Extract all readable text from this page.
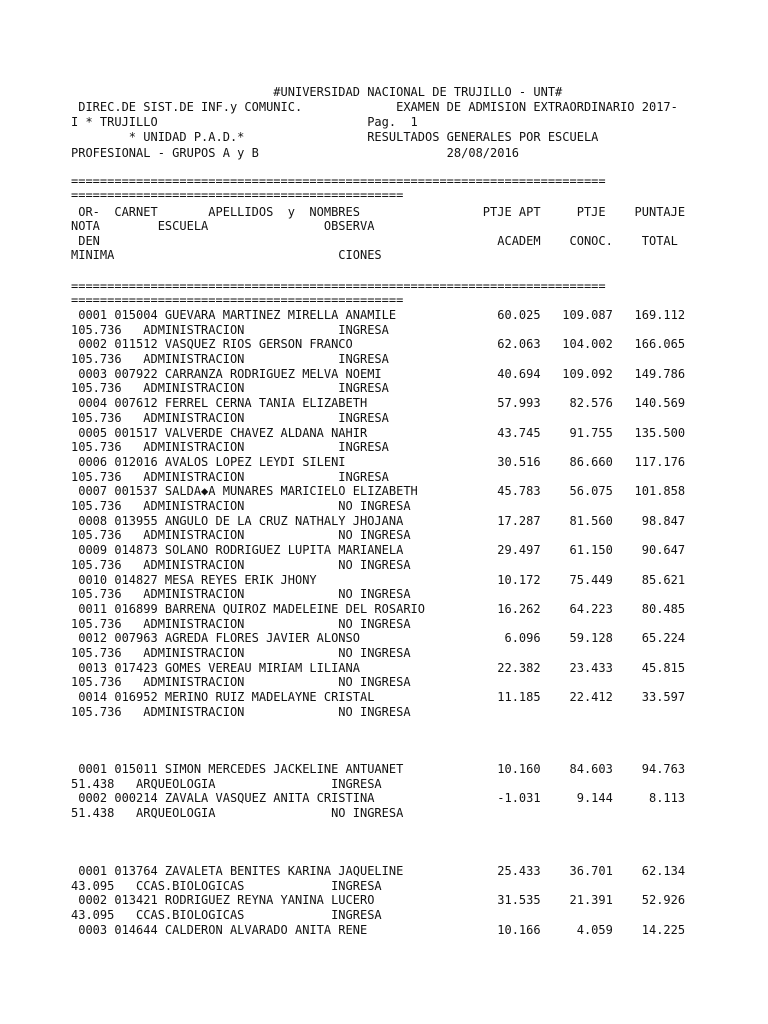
#UNIVERSIDAD NACIONAL DE TRUJILLO - UNT#
DIREC.DE SIST.DE INF.y COMUNIC.             EXAMEN DE ADMISION EXTRAORDINARIO 2017-
I * TRUJILLO                             Pag.  1
* UNIDAD P.A.D.*                 RESULTADOS GENERALES POR ESCUELA
PROFESIONAL - GRUPOS A y B                          28/08/2016
==========================================================================
==============================================
OR-  CARNET       APELLIDOS  y  NOMBRES                 PTJE APT     PTJE    PUNTAJE
NOTA        ESCUELA                OBSERVA
DEN                                                       ACADEM    CONOC.    TOTAL
MINIMA                               CIONES
==========================================================================
==============================================
0001 015004 GUEVARA MARTINEZ MIRELLA ANAMILE              60.025   109.087   169.112
105.736   ADMINISTRACION             INGRESA
0002 011512 VASQUEZ RIOS GERSON FRANCO                    62.063   104.002   166.065
105.736   ADMINISTRACION             INGRESA
0003 007922 CARRANZA RODRIGUEZ MELVA NOEMI                40.694   109.092   149.786
105.736   ADMINISTRACION             INGRESA
0004 007612 FERREL CERNA TANIA ELIZABETH                  57.993    82.576   140.569
105.736   ADMINISTRACION             INGRESA
0005 001517 VALVERDE CHAVEZ ALDANA NAHIR                  43.745    91.755   135.500
105.736   ADMINISTRACION             INGRESA
0006 012016 AVALOS LOPEZ LEYDI SILENI                     30.516    86.660   117.176
105.736   ADMINISTRACION             INGRESA
0007 001537 SALDA◆A MUNARES MARICIELO ELIZABETH           45.783    56.075   101.858
105.736   ADMINISTRACION             NO INGRESA
0008 013955 ANGULO DE LA CRUZ NATHALY JHOJANA             17.287    81.560    98.847
105.736   ADMINISTRACION             NO INGRESA
0009 014873 SOLANO RODRIGUEZ LUPITA MARIANELA             29.497    61.150    90.647
105.736   ADMINISTRACION             NO INGRESA
0010 014827 MESA REYES ERIK JHONY                         10.172    75.449    85.621
105.736   ADMINISTRACION             NO INGRESA
0011 016899 BARRENA QUIROZ MADELEINE DEL ROSARIO          16.262    64.223    80.485
105.736   ADMINISTRACION             NO INGRESA
0012 007963 AGREDA FLORES JAVIER ALONSO                    6.096    59.128    65.224
105.736   ADMINISTRACION             NO INGRESA
0013 017423 GOMES VEREAU MIRIAM LILIANA                   22.382    23.433    45.815
105.736   ADMINISTRACION             NO INGRESA
0014 016952 MERINO RUIZ MADELAYNE CRISTAL                 11.185    22.412    33.597
105.736   ADMINISTRACION             NO INGRESA
0001 015011 SIMON MERCEDES JACKELINE ANTUANET             10.160    84.603    94.763
51.438   ARQUEOLOGIA                INGRESA
0002 000214 ZAVALA VASQUEZ ANITA CRISTINA                 -1.031     9.144     8.113
51.438   ARQUEOLOGIA                NO INGRESA
0001 013764 ZAVALETA BENITES KARINA JAQUELINE             25.433    36.701    62.134
43.095   CCAS.BIOLOGICAS            INGRESA
0002 013421 RODRIGUEZ REYNA YANINA LUCERO                 31.535    21.391    52.926
43.095   CCAS.BIOLOGICAS            INGRESA
0003 014644 CALDERON ALVARADO ANITA RENE                  10.166     4.059    14.225
